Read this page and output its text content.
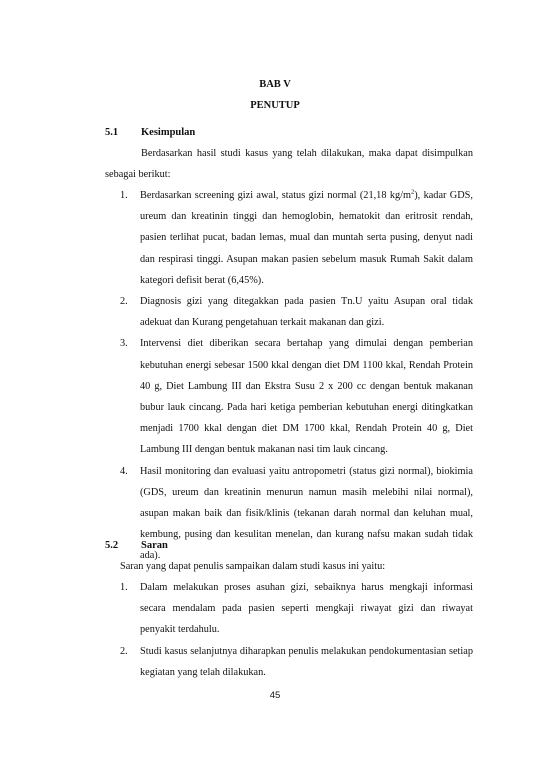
BAB V
PENUTUP
5.1 Kesimpulan
Berdasarkan hasil studi kasus yang telah dilakukan, maka dapat disimpulkan sebagai berikut:
1. Berdasarkan screening gizi awal, status gizi normal (21,18 $kg/m^2$), kadar GDS, ureum dan kreatinin tinggi dan hemoglobin, hematokit dan eritrosit rendah, pasien terlihat pucat, badan lemas, mual dan muntah serta pusing, denyut nadi dan respirasi tinggi. Asupan makan pasien sebelum masuk Rumah Sakit dalam kategori defisit berat (6,45%).
2. Diagnosis gizi yang ditegakkan pada pasien Tn.U yaitu Asupan oral tidak adekuat dan Kurang pengetahuan terkait makanan dan gizi.
3. Intervensi diet diberikan secara bertahap yang dimulai dengan pemberian kebutuhan energi sebesar 1500 kkal dengan diet DM 1100 kkal, Rendah Protein 40 g, Diet Lambung III dan Ekstra Susu 2 x 200 cc dengan bentuk makanan bubur lauk cincang. Pada hari ketiga pemberian kebutuhan energi ditingkatkan menjadi 1700 kkal dengan diet DM 1700 kkal, Rendah Protein 40 g, Diet Lambung III dengan bentuk makanan nasi tim lauk cincang.
4. Hasil monitoring dan evaluasi yaitu antropometri (status gizi normal), biokimia (GDS, ureum dan kreatinin menurun namun masih melebihi nilai normal), asupan makan baik dan fisik/klinis (tekanan darah normal dan keluhan mual, kembung, pusing dan kesulitan menelan, dan kurang nafsu makan sudah tidak ada).
5.2 Saran
Saran yang dapat penulis sampaikan dalam studi kasus ini yaitu:
1. Dalam melakukan proses asuhan gizi, sebaiknya harus mengkaji informasi secara mendalam pada pasien seperti mengkaji riwayat gizi dan riwayat penyakit terdahulu.
2. Studi kasus selanjutnya diharapkan penulis melakukan pendokumentasian setiap kegiatan yang telah dilakukan.
45
